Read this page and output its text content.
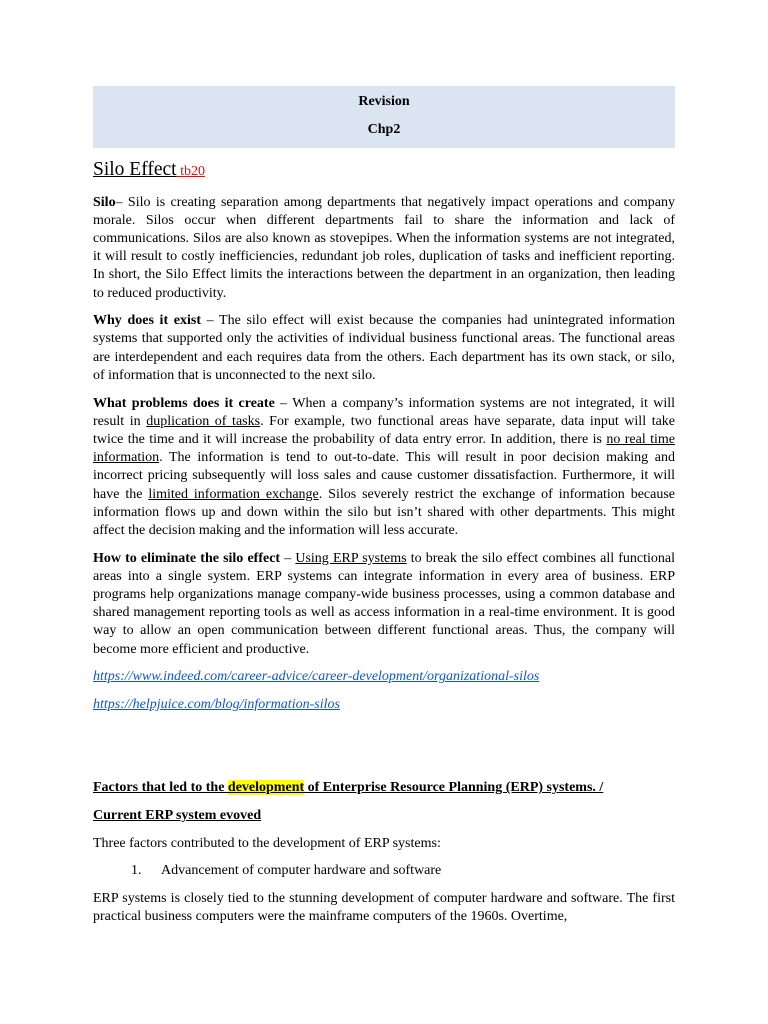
Revision
Chp2
Silo Effect tb20

Silo– Silo is creating separation among departments that negatively impact operations and company morale. Silos occur when different departments fail to share the information and lack of communications. Silos are also known as stovepipes. When the information systems are not integrated, it will result to costly inefficiencies, redundant job roles, duplication of tasks and inefficient reporting. In short, the Silo Effect limits the interactions between the department in an organization, then leading to reduced productivity.

Why does it exist – The silo effect will exist because the companies had unintegrated information systems that supported only the activities of individual business functional areas. The functional areas are interdependent and each requires data from the others. Each department has its own stack, or silo, of information that is unconnected to the next silo.

What problems does it create – When a company’s information systems are not integrated, it will result in duplication of tasks. For example, two functional areas have separate, data input will take twice the time and it will increase the probability of data entry error. In addition, there is no real time information. The information is tend to out-to-date. This will result in poor decision making and incorrect pricing subsequently will loss sales and cause customer dissatisfaction. Furthermore, it will have the limited information exchange. Silos severely restrict the exchange of information because information flows up and down within the silo but isn’t shared with other departments. This might affect the decision making and the information will less accurate.

How to eliminate the silo effect – Using ERP systems to break the silo effect combines all functional areas into a single system. ERP systems can integrate information in every area of business. ERP programs help organizations manage company-wide business processes, using a common database and shared management reporting tools as well as access information in a real-time environment. It is good way to allow an open communication between different functional areas. Thus, the company will become more efficient and productive.

https://www.indeed.com/career-advice/career-development/organizational-silos

https://helpjuice.com/blog/information-silos

Factors that led to the development of Enterprise Resource Planning (ERP) systems. /

Current ERP system evoved

Three factors contributed to the development of ERP systems:

1. Advancement of computer hardware and software

ERP systems is closely tied to the stunning development of computer hardware and software. The first practical business computers were the mainframe computers of the 1960s. Overtime,
